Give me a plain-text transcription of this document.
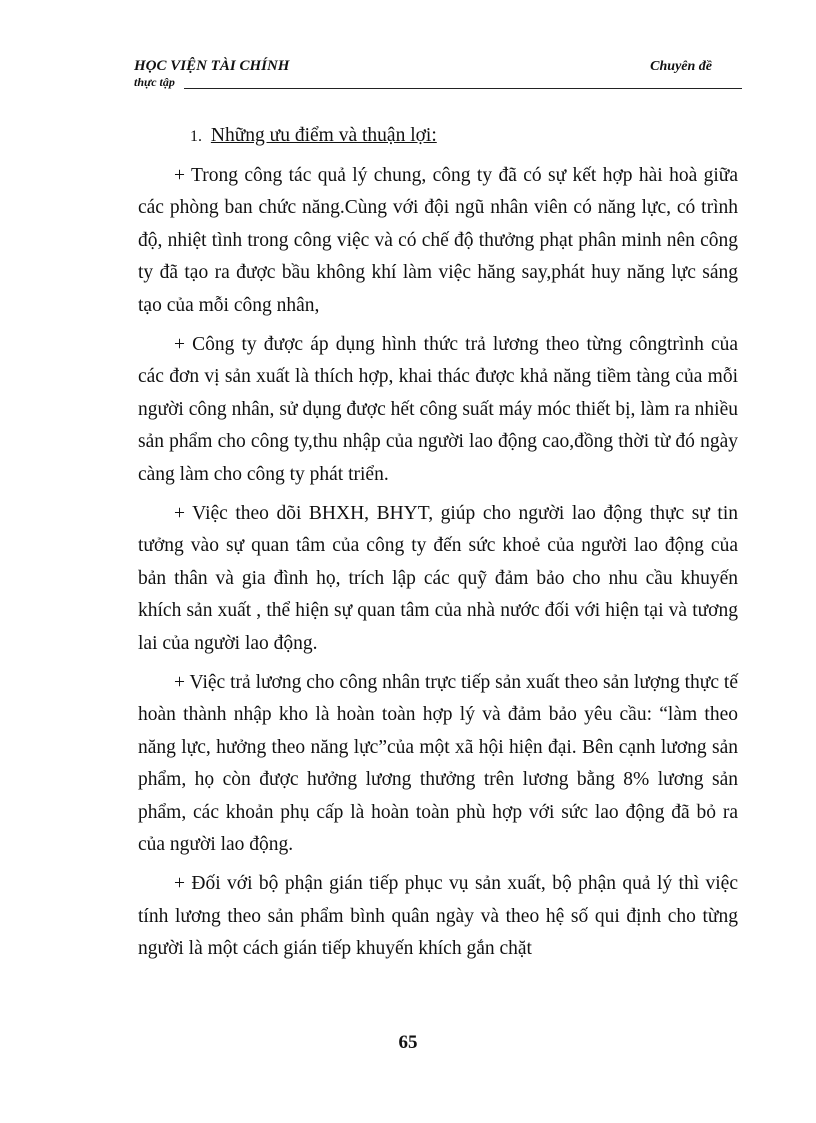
HỌC VIỆN TÀI CHÍNH
thực tập
Chuyên đề
1. Những ưu điểm và thuận lợi:

+ Trong công tác quả lý chung, công ty đã có sự kết hợp hài hoà giữa các phòng ban chức năng.Cùng với đội ngũ nhân viên có năng lực, có trình độ, nhiệt tình trong công việc và có chế độ thưởng phạt phân minh nên công ty đã tạo ra được bầu không khí làm việc hăng say,phát huy năng lực sáng tạo của mỗi công nhân,

+ Công ty được áp dụng hình thức trả lương theo từng côngtrình của các đơn vị sản xuất là thích hợp, khai thác được khả năng tiềm tàng của mỗi người công nhân, sử dụng được hết công suất máy móc thiết bị, làm ra nhiều sản phẩm cho công ty,thu nhập của người lao động cao,đồng thời từ đó ngày càng làm cho công ty phát triển.

+ Việc theo dõi BHXH, BHYT, giúp cho người lao động thực sự tin tưởng vào sự quan tâm của công ty đến sức khoẻ của người lao động của bản thân và gia đình họ, trích lập các quỹ đảm bảo cho nhu cầu khuyến khích sản xuất , thể hiện sự quan tâm của nhà nước đối với hiện tại và tương lai của người lao động.

+ Việc trả lương cho công nhân trực tiếp sản xuất theo sản lượng thực tế hoàn thành nhập kho là hoàn toàn hợp lý và đảm bảo yêu cầu: “làm theo năng lực, hưởng theo năng lực”của một xã hội hiện đại. Bên cạnh lương sản phẩm, họ còn được hưởng lương thưởng trên lương bằng 8% lương sản phẩm, các khoản phụ cấp là hoàn toàn phù hợp với sức lao động đã bỏ ra của người lao động.

+ Đối với bộ phận gián tiếp phục vụ sản xuất, bộ phận quả lý thì việc tính lương theo sản phẩm bình quân ngày và theo hệ số qui định cho từng người là một cách gián tiếp khuyến khích gắn chặt

65
